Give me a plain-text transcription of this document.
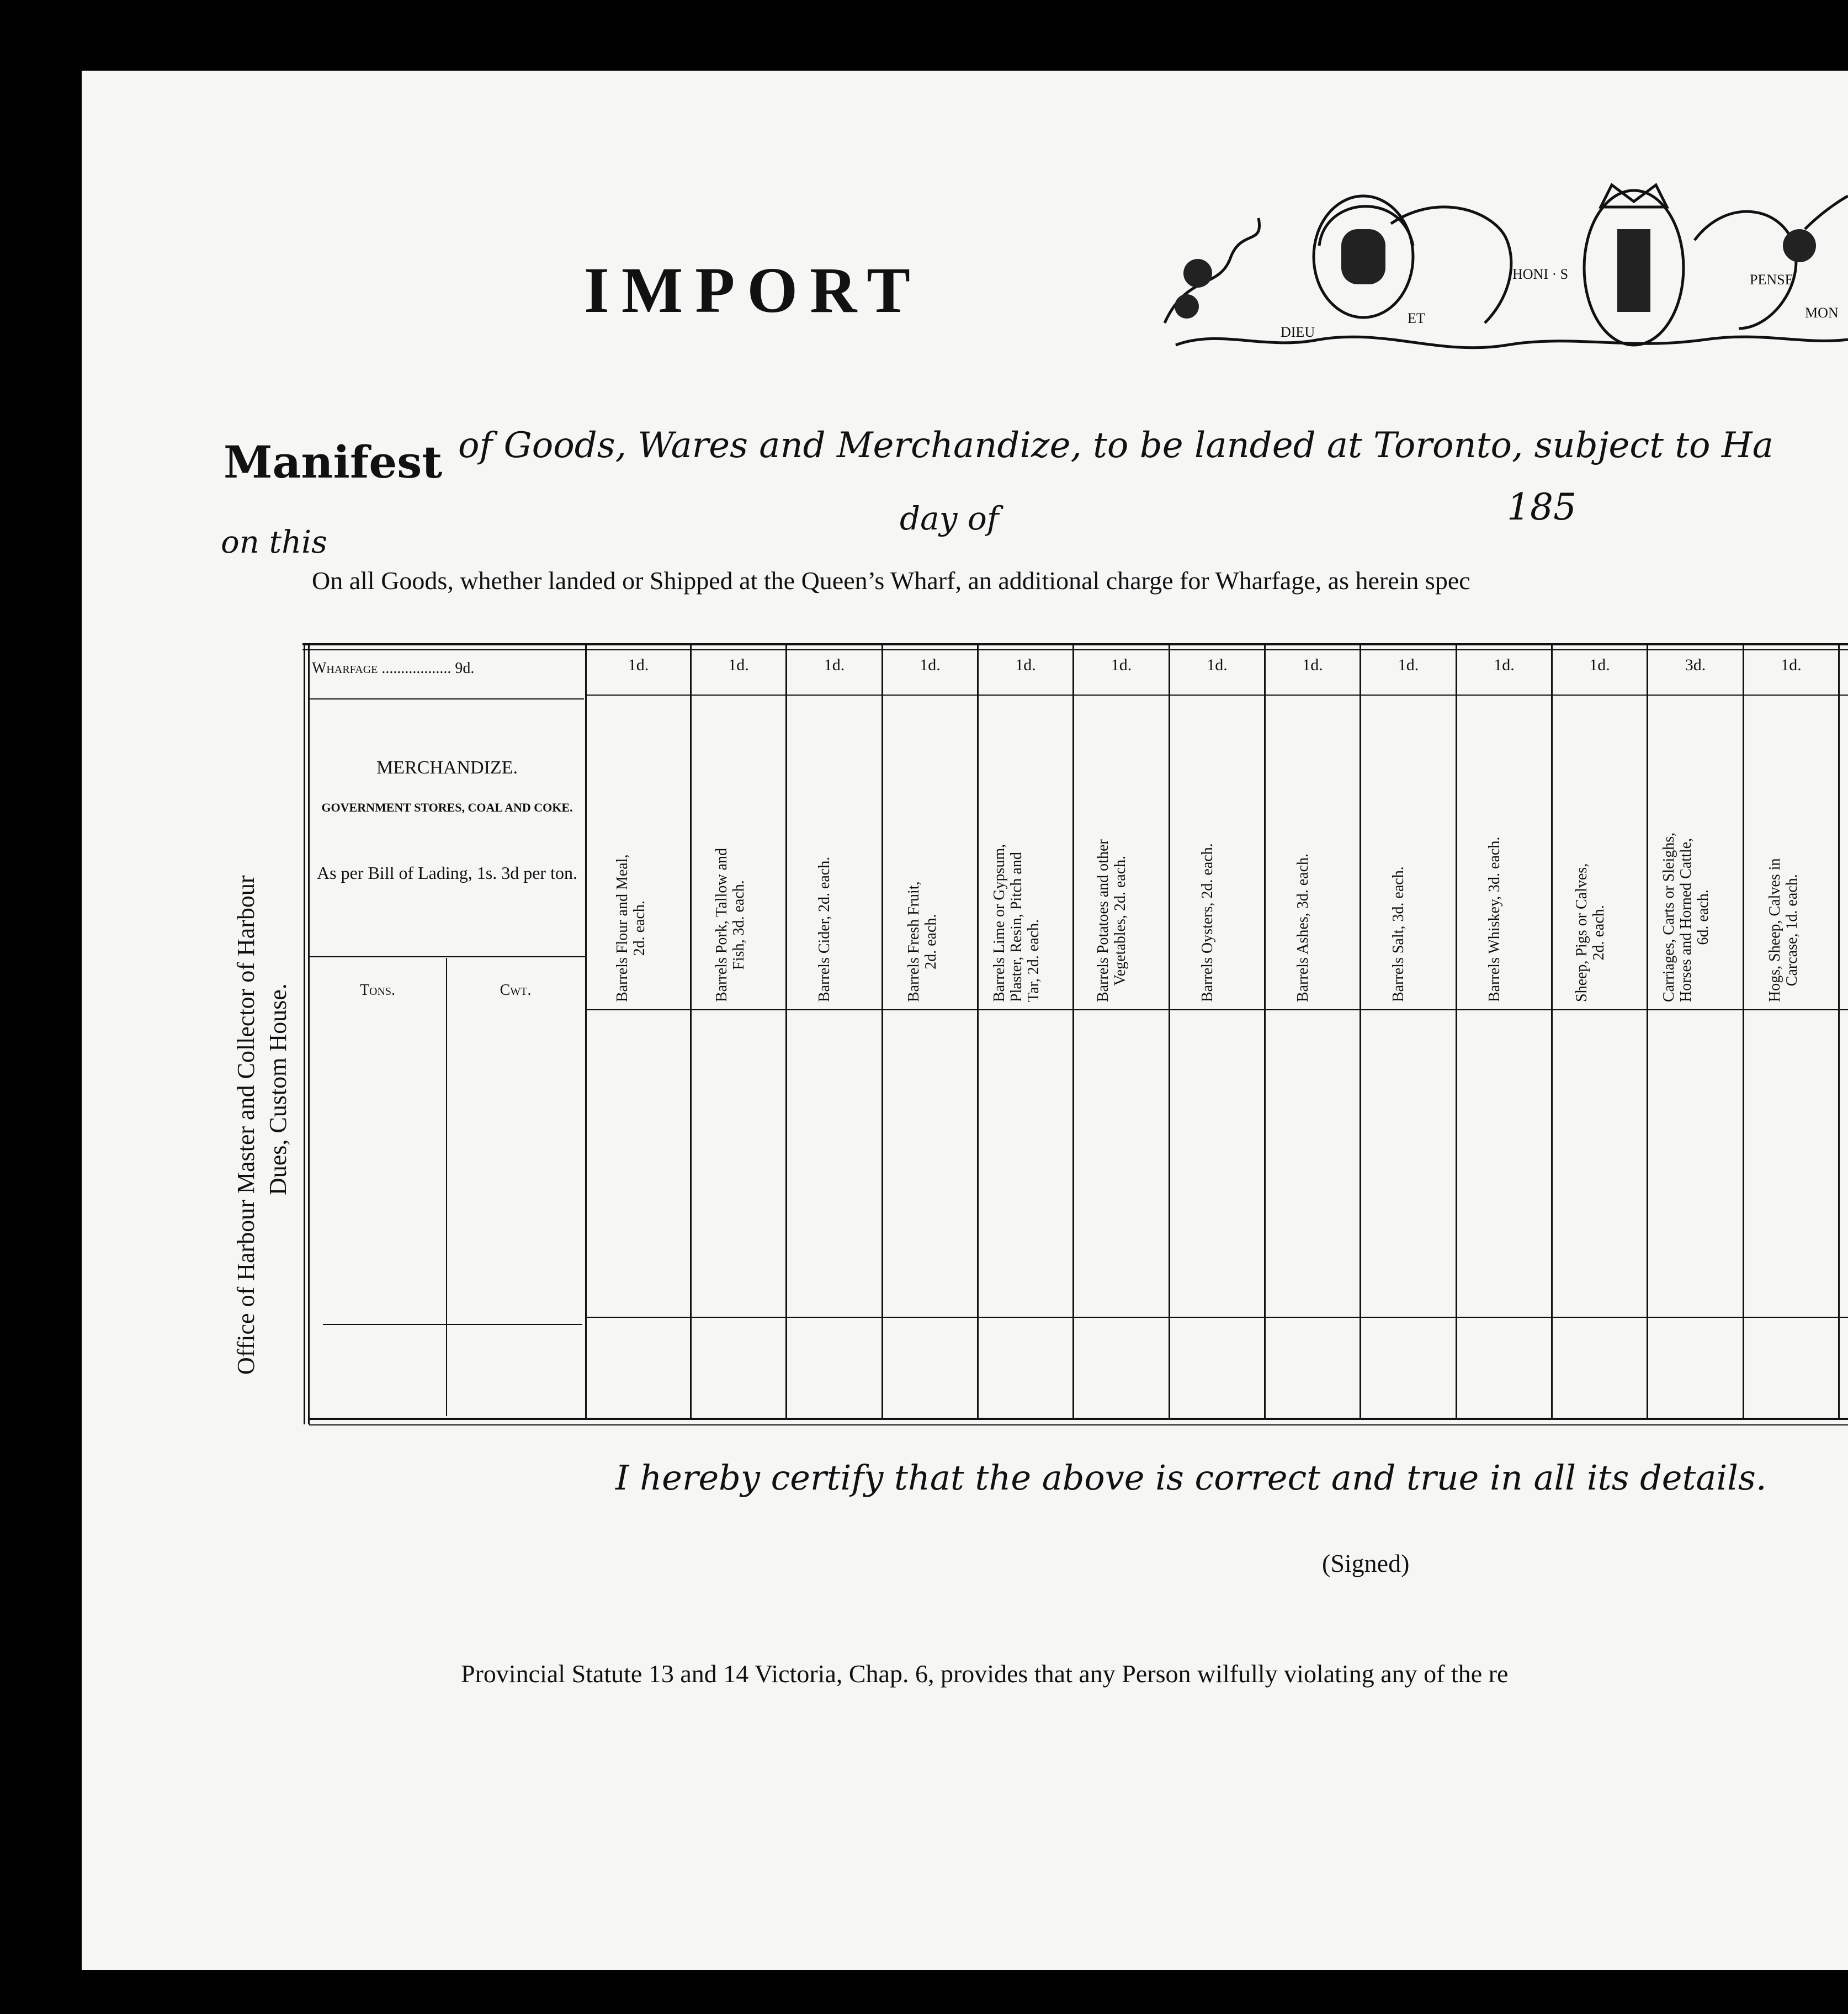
IMPORT
DIEU
ET
HONI · S	PENSE
MON
Manifest of Goods, Wares and Merchandize, to be landed at Toronto, subject to Ha
on this
day of	185
On all Goods, whether landed or Shipped at the Queen’s Wharf, an additional charge for Wharfage, as herein spec
Office of Harbour Master and Collector of Harbour Dues, Custom House.
Wharfage .................. 9d.
MERCHANDIZE.
GOVERNMENT STORES, COAL AND COKE.
As per Bill of Lading, 1s. 3d per ton.
Tons.	Cwt.
1d.	1d.	1d.	1d.	1d.	1d.	1d.	1d.	1d.	1d.	1d.	3d.	1d.
Barrels Flour and Meal, 2d. each.	Barrels Pork, Tallow and Fish, 3d. each.	Barrels Cider, 2d. each.	Barrels Fresh Fruit, 2d. each.	Barrels Lime or Gypsum, Plaster, Resin, Pitch and Tar, 2d. each.	Barrels Potatoes and other Vegetables, 2d. each.	Barrels Oysters, 2d. each.	Barrels Ashes, 3d. each.	Barrels Salt, 3d. each.	Barrels Whiskey, 3d. each.	Sheep, Pigs or Calves, 2d. each.	Carriages, Carts or Sleighs, Horses and Horned Cattle, 6d. each.	Hogs, Sheep, Calves in Carcase, 1d. each.
I hereby certify that the above is correct and true in all its details.
(Signed)
Provincial Statute 13 and 14 Victoria, Chap. 6, provides that any Person wilfully violating any of the re
